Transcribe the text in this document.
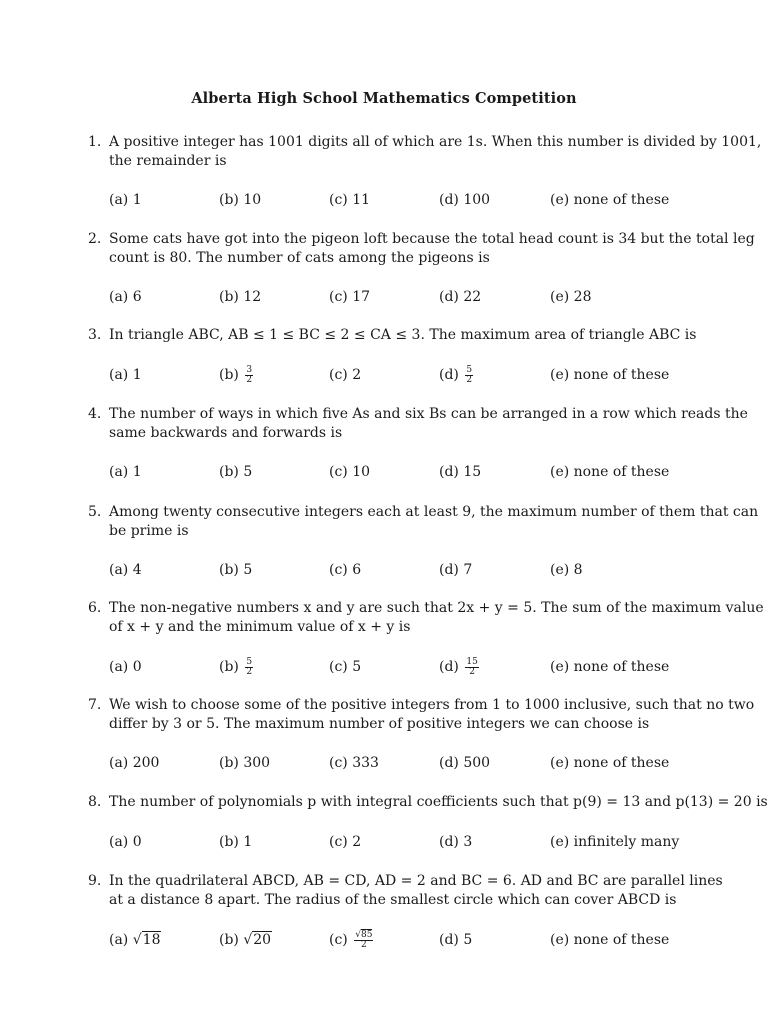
Alberta High School Mathematics Competition
1. A positive integer has 1001 digits all of which are 1s. When this number is divided by 1001,
the remainder is
(a) 1	(b) 10	(c) 11	(d) 100	(e) none of these
2. Some cats have got into the pigeon loft because the total head count is 34 but the total leg
count is 80. The number of cats among the pigeons is
(a) 6	(b) 12	(c) 17	(d) 22	(e) 28
3. In triangle ABC, AB ≤ 1 ≤ BC ≤ 2 ≤ CA ≤ 3. The maximum area of triangle ABC is
(a) 1	$(b) \frac{3}{2}$	(c) 2	$(d) \frac{5}{2}$	(e) none of these
4. The number of ways in which five As and six Bs can be arranged in a row which reads the
same backwards and forwards is
(a) 1	(b) 5	(c) 10	(d) 15	(e) none of these
5. Among twenty consecutive integers each at least 9, the maximum number of them that can
be prime is
(a) 4	(b) 5	(c) 6	(d) 7	(e) 8
6. The non-negative numbers x and y are such that 2x + y = 5. The sum of the maximum value
of x + y and the minimum value of x + y is
(a) 0	$(b) \frac{5}{2}$	(c) 5	$(d) \frac{15}{2}$	(e) none of these
7. We wish to choose some of the positive integers from 1 to 1000 inclusive, such that no two
differ by 3 or 5. The maximum number of positive integers we can choose is
(a) 200	(b) 300	(c) 333	(d) 500	(e) none of these
8. The number of polynomials p with integral coefficients such that p(9) = 13 and p(13) = 20 is
(a) 0	(b) 1	(c) 2	(d) 3	(e) infinitely many
9. In the quadrilateral ABCD, AB = CD, AD = 2 and BC = 6. AD and BC are parallel lines
at a distance 8 apart. The radius of the smallest circle which can cover ABCD is
(a) √18	(b) √20	$(c) \frac{√85}{2}$	(d) 5	(e) none of these
